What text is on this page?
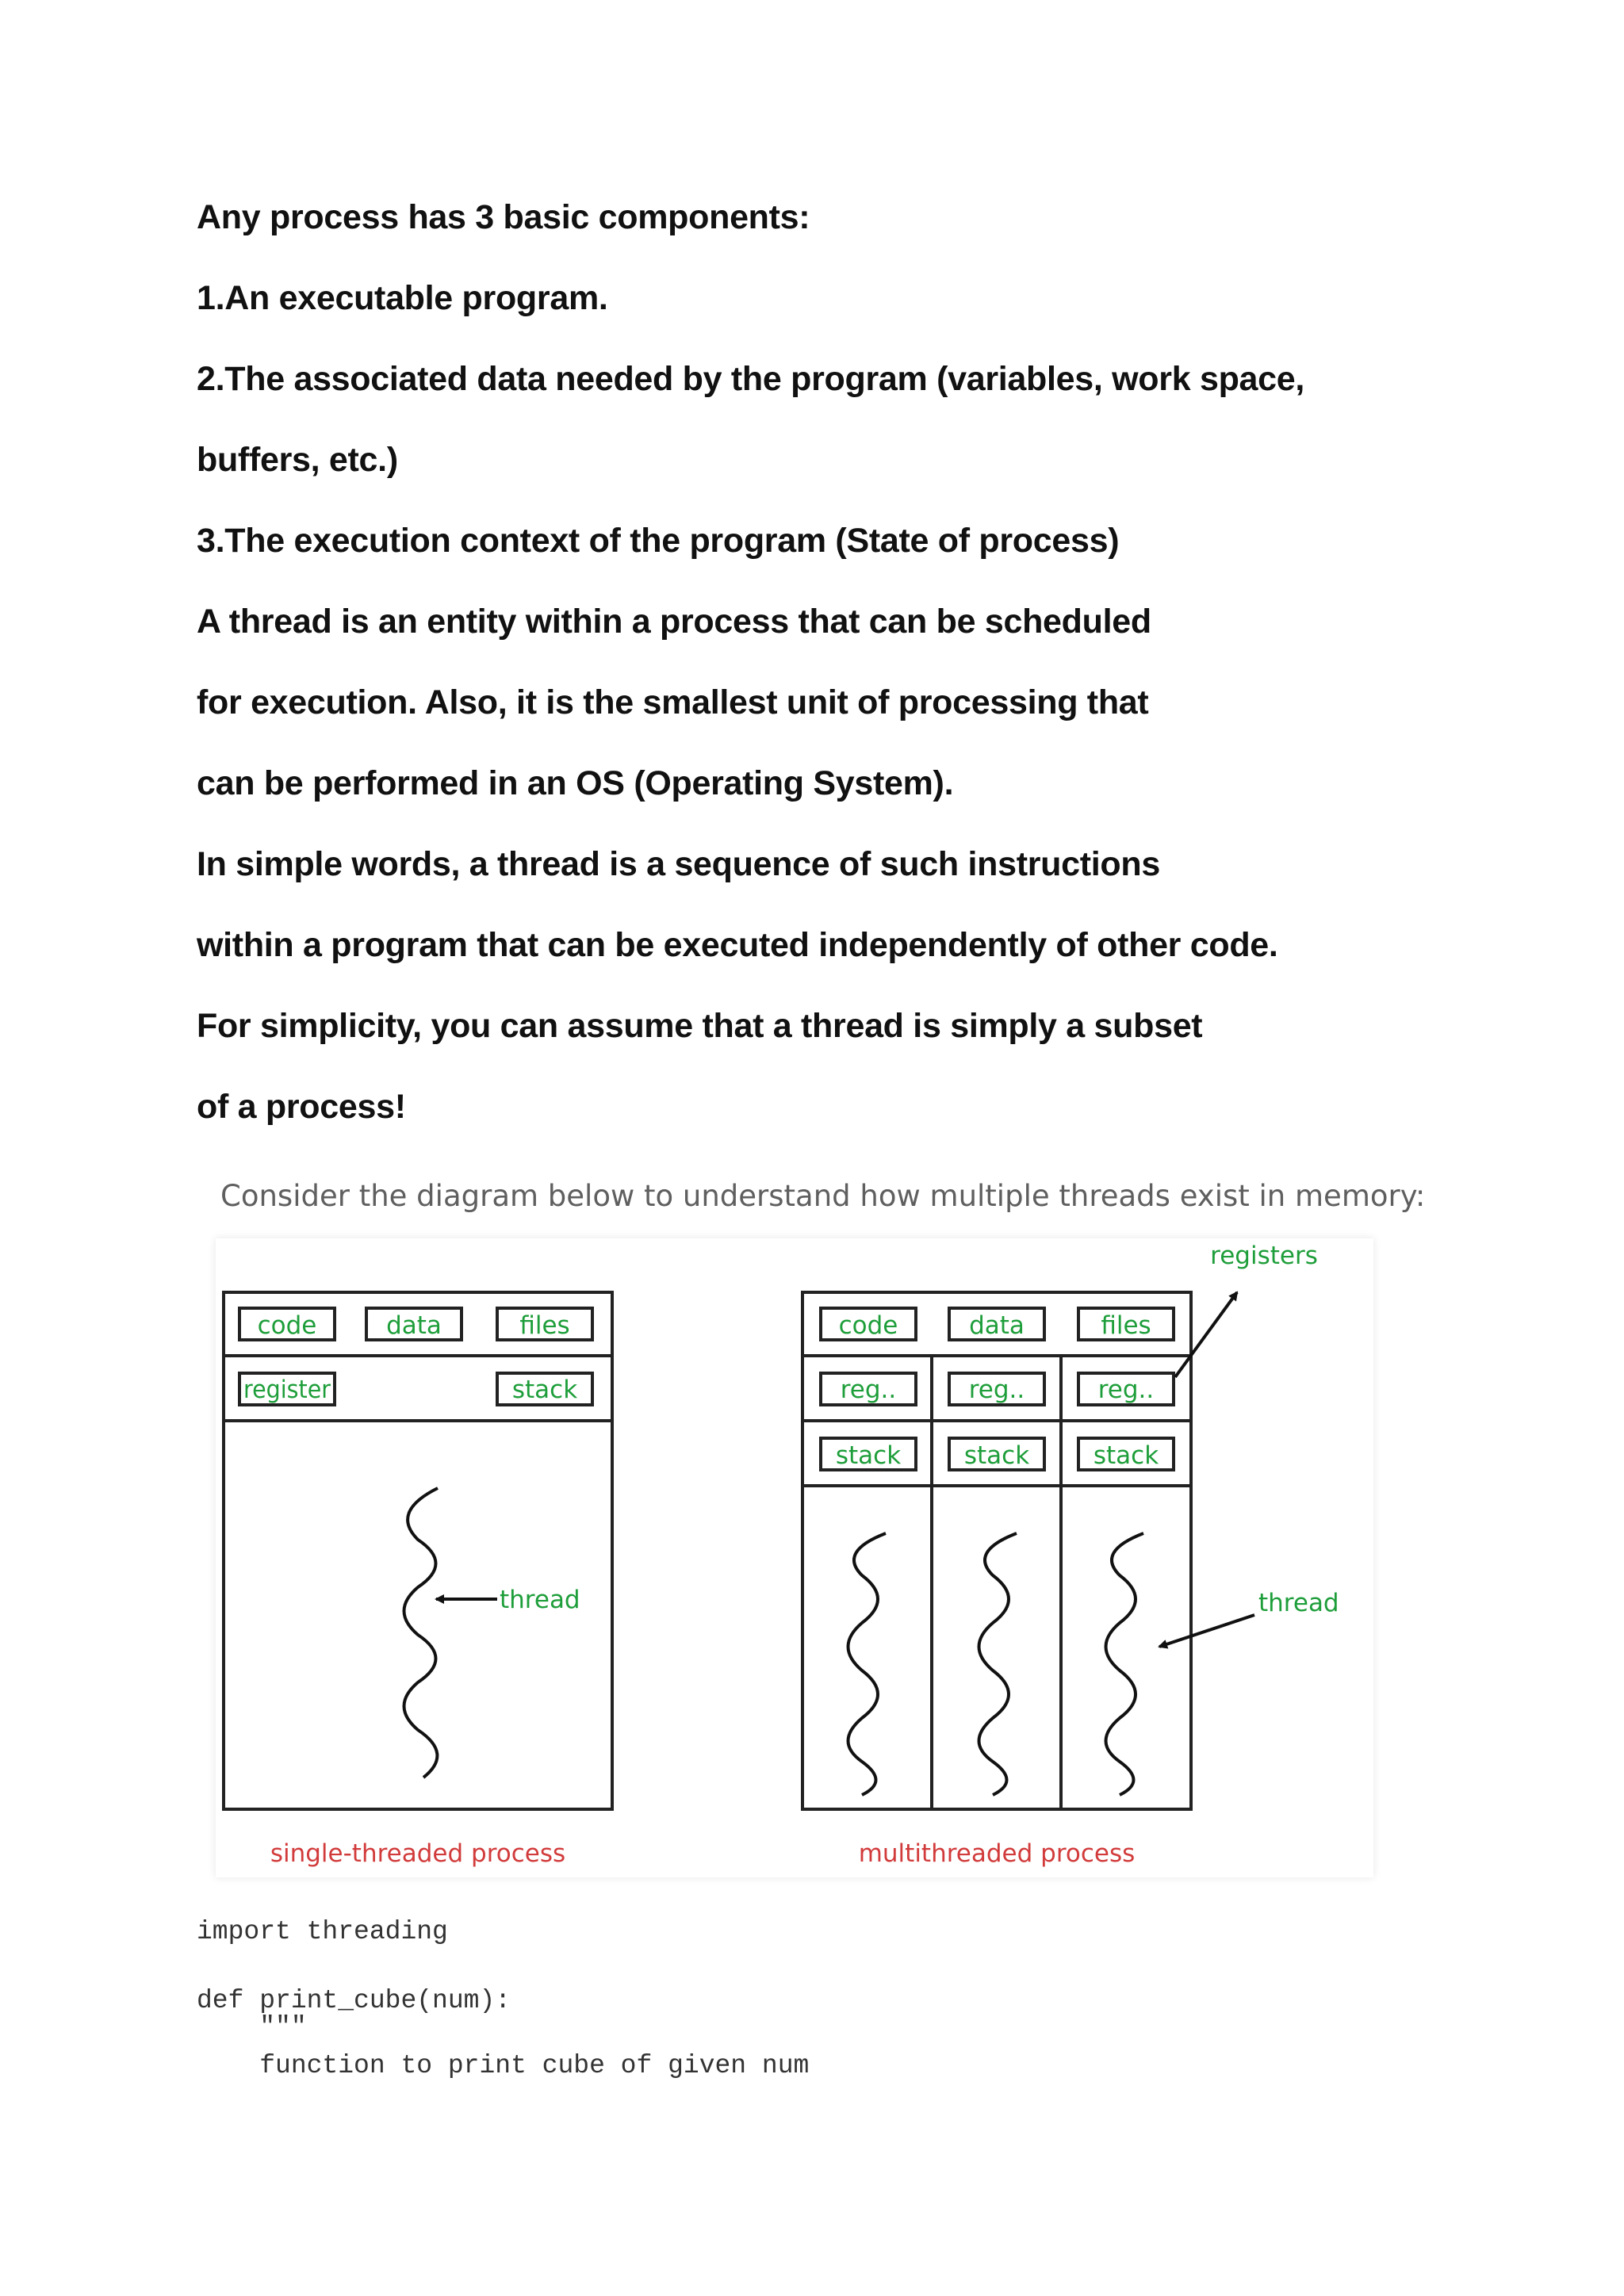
Any process has 3 basic components:
1.An executable program.
2.The associated data needed by the program (variables, work space,
buffers, etc.)
3.The execution context of the program (State of process)
A thread is an entity within a process that can be scheduled
for execution. Also, it is the smallest unit of processing that
can be performed in an OS (Operating System).
In simple words, a thread is a sequence of such instructions
within a program that can be executed independently of other code.
For simplicity, you can assume that a thread is simply a subset
of a process!
Consider the diagram below to understand how multiple threads exist in memory:
code	data	files
register	stack
thread
single-threaded process
code	data	files
reg..	reg..	reg..
stack	stack	stack
registers
thread
multithreaded process
import threading
def print_cube(num):
"""
function to print cube of given num
